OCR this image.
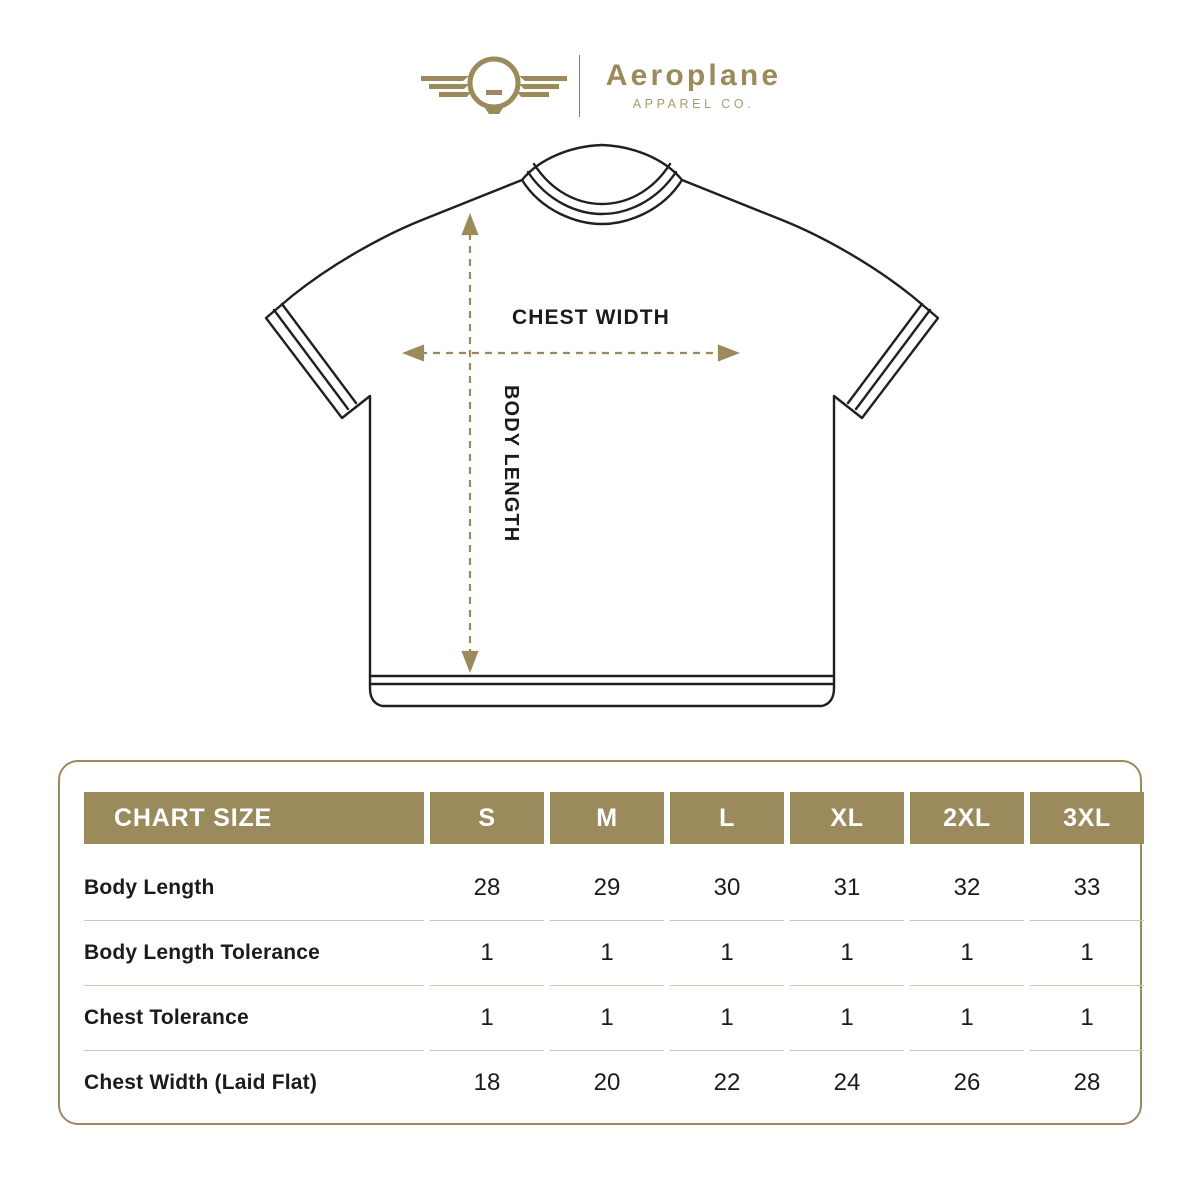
Aeroplane
APPAREL CO.
CHEST WIDTH
BODY LENGTH
CHART SIZE	S	M	L	XL	2XL	3XL

Body Length	28	29	30	31	32	33
Body Length Tolerance	1	1	1	1	1	1
Chest Tolerance	1	1	1	1	1	1
Chest Width (Laid Flat)	18	20	22	24	26	28
